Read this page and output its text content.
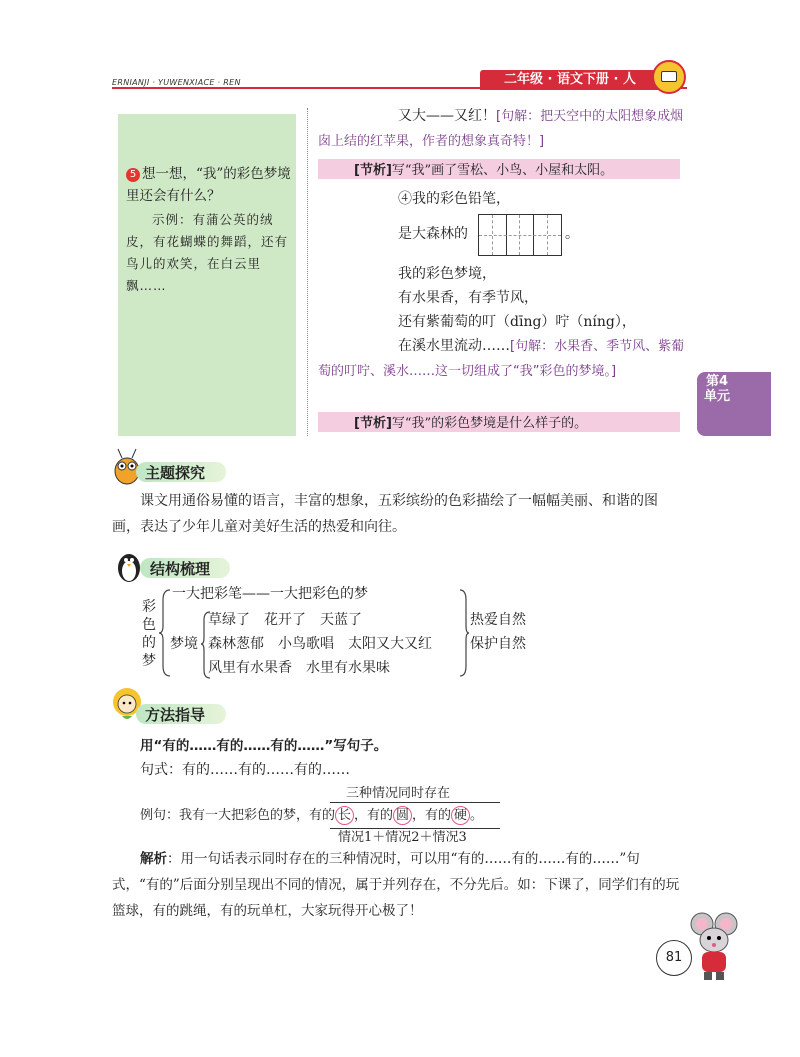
ERNIANJI · YUWENXIACE · REN	二年级 · 语文下册 · 人
5 想一想，“我”的彩色梦境里还会有什么？
示例：有蒲公英的绒皮，有花蝴蝶的舞蹈，还有鸟儿的欢笑，在白云里飘……
又大——又红！[句解：把天空中的太阳想象成烟囱上结的红苹果，作者的想象真奇特！]
[节析]写“我”画了雪松、小鸟、小屋和太阳。
④我的彩色铅笔，
是大森林的	。
我的彩色梦境，
有水果香，有季节风，
还有紫葡萄的叮（dīng）咛（níng），
在溪水里流动……[句解：水果香、季节风、紫葡萄的叮咛、溪水……这一切组成了“我”彩色的梦境。]
[节析]写“我”的彩色梦境是什么样子的。
第4单元
主题探究
课文用通俗易懂的语言，丰富的想象，五彩缤纷的色彩描绘了一幅幅美丽、和谐的图画，表达了少年儿童对美好生活的热爱和向往。
结构梳理
彩色的梦
一大把彩笔——一大把彩色的梦
梦境
草绿了　花开了　天蓝了
森林葱郁　小鸟歌唱　太阳又大又红
风里有水果香　水里有水果味
热爱自然
保护自然
方法指导
用“有的……有的……有的……”写句子。
句式：有的……有的……有的……
三种情况同时存在
例句：我有一大把彩色的梦，有的 长 ，有的 圆 ，有的 硬 。
情况1＋情况2＋情况3
解析：用一句话表示同时存在的三种情况时，可以用“有的……有的……有的……”句式，“有的”后面分别呈现出不同的情况，属于并列存在，不分先后。如：下课了，同学们有的玩篮球，有的跳绳，有的玩单杠，大家玩得开心极了！
81
